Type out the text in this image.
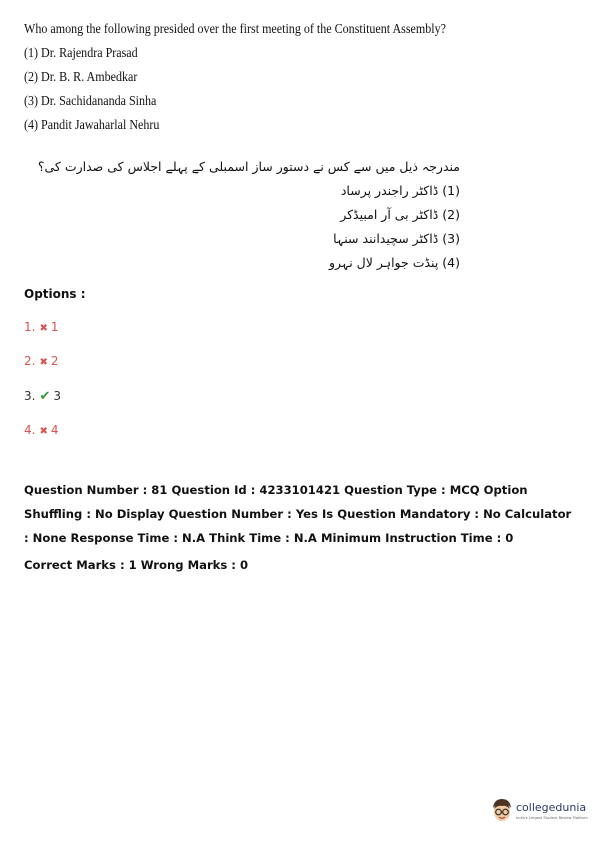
Who among the following presided over the first meeting of the Constituent Assembly?
(1) Dr. Rajendra Prasad
(2) Dr. B. R. Ambedkar
(3) Dr. Sachidananda Sinha
(4) Pandit Jawaharlal Nehru
مندرجہ ذیل میں سے کس نے دستور ساز اسمبلی کے پہلے اجلاس کی صدارت کی؟
(1) ڈاکٹر راجندر پرساد
(2) ڈاکٹر بی آر امبیڈکر
(3) ڈاکٹر سچیدانند سنہا
(4) پنڈت جواہر لال نہرو
Options :
1. ✖ 1
2. ✖ 2
3. ✔ 3
4. ✖ 4
Question Number : 81 Question Id : 4233101421 Question Type : MCQ Option Shuffling : No Display Question Number : Yes Is Question Mandatory : No Calculator : None Response Time : N.A Think Time : N.A Minimum Instruction Time : 0
Correct Marks : 1 Wrong Marks : 0
collegedunia
India's Largest Student Review Platform
